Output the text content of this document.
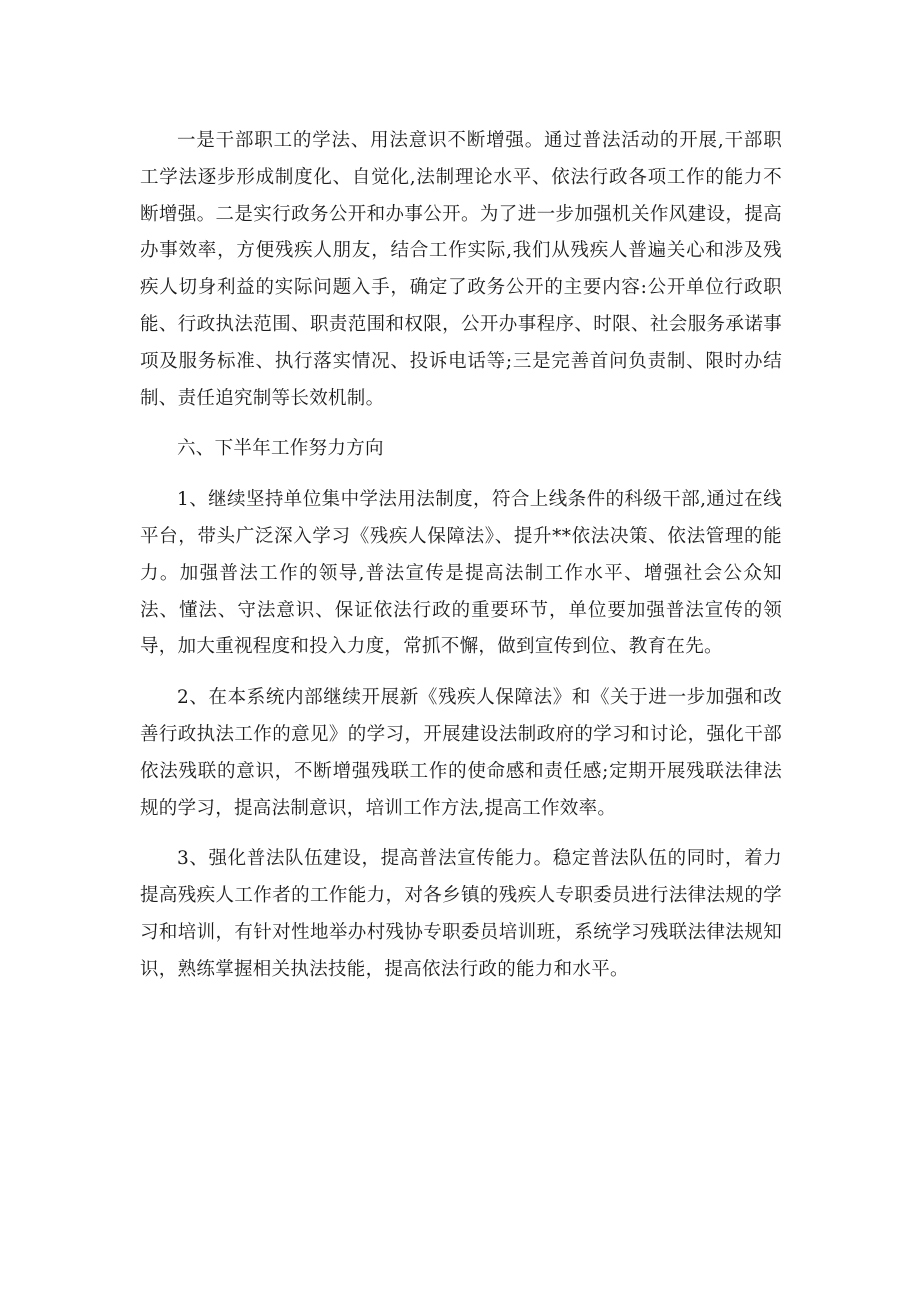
一是干部职工的学法、用法意识不断增强。通过普法活动的开展,干部职工学法逐步形成制度化、自觉化,法制理论水平、依法行政各项工作的能力不断增强。二是实行政务公开和办事公开。为了进一步加强机关作风建设，提高办事效率，方便残疾人朋友，结合工作实际,我们从残疾人普遍关心和涉及残疾人切身利益的实际问题入手，确定了政务公开的主要内容:公开单位行政职能、行政执法范围、职责范围和权限，公开办事程序、时限、社会服务承诺事项及服务标准、执行落实情况、投诉电话等;三是完善首问负责制、限时办结制、责任追究制等长效机制。

六、下半年工作努力方向

1、继续坚持单位集中学法用法制度，符合上线条件的科级干部,通过在线平台，带头广泛深入学习《残疾人保障法》、提升**依法决策、依法管理的能力。加强普法工作的领导,普法宣传是提高法制工作水平、增强社会公众知法、懂法、守法意识、保证依法行政的重要环节，单位要加强普法宣传的领导，加大重视程度和投入力度，常抓不懈，做到宣传到位、教育在先。

2、在本系统内部继续开展新《残疾人保障法》和《关于进一步加强和改善行政执法工作的意见》的学习，开展建设法制政府的学习和讨论，强化干部依法残联的意识，不断增强残联工作的使命感和责任感;定期开展残联法律法规的学习，提高法制意识，培训工作方法,提高工作效率。

3、强化普法队伍建设，提高普法宣传能力。稳定普法队伍的同时，着力提高残疾人工作者的工作能力，对各乡镇的残疾人专职委员进行法律法规的学习和培训，有针对性地举办村残协专职委员培训班，系统学习残联法律法规知识，熟练掌握相关执法技能，提高依法行政的能力和水平。
